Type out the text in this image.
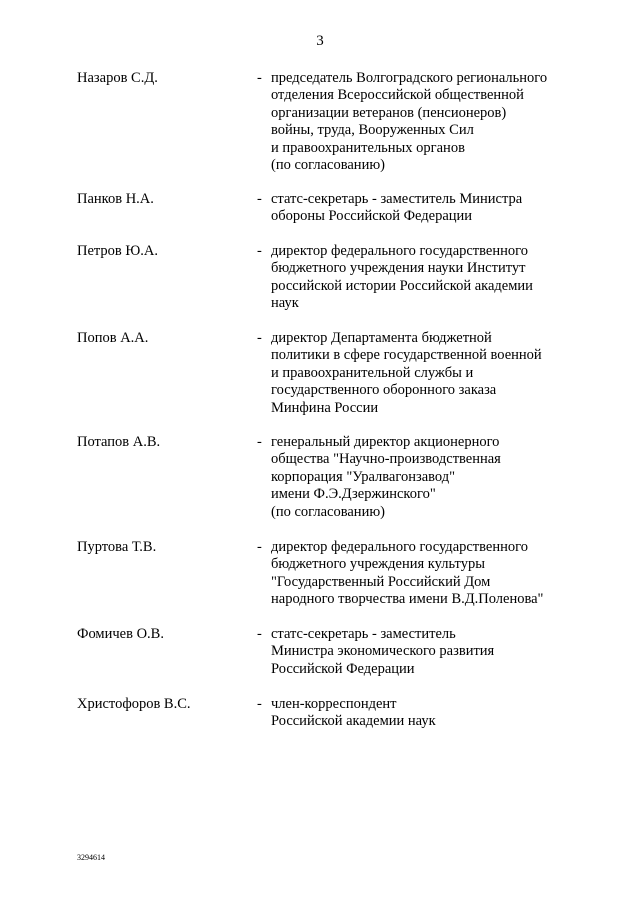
3
Назаров С.Д.	- председатель Волгоградского регионального
отделения Всероссийской общественной
организации ветеранов (пенсионеров)
войны, труда, Вооруженных Сил
и правоохранительных органов
(по согласованию)
Панков Н.А.	- статс-секретарь - заместитель Министра
обороны Российской Федерации
Петров Ю.А.	- директор федерального государственного
бюджетного учреждения науки Институт
российской истории Российской академии
наук
Попов А.А.	- директор Департамента бюджетной
политики в сфере государственной военной
и правоохранительной службы и
государственного оборонного заказа
Минфина России
Потапов А.В.	- генеральный директор акционерного
общества "Научно-производственная
корпорация "Уралвагонзавод"
имени Ф.Э.Дзержинского"
(по согласованию)
Пуртова Т.В.	- директор федерального государственного
бюджетного учреждения культуры
"Государственный Российский Дом
народного творчества имени В.Д.Поленова"
Фомичев О.В.	- статс-секретарь - заместитель
Министра экономического развития
Российской Федерации
Христофоров В.С.	- член-корреспондент
Российской академии наук
3294614
